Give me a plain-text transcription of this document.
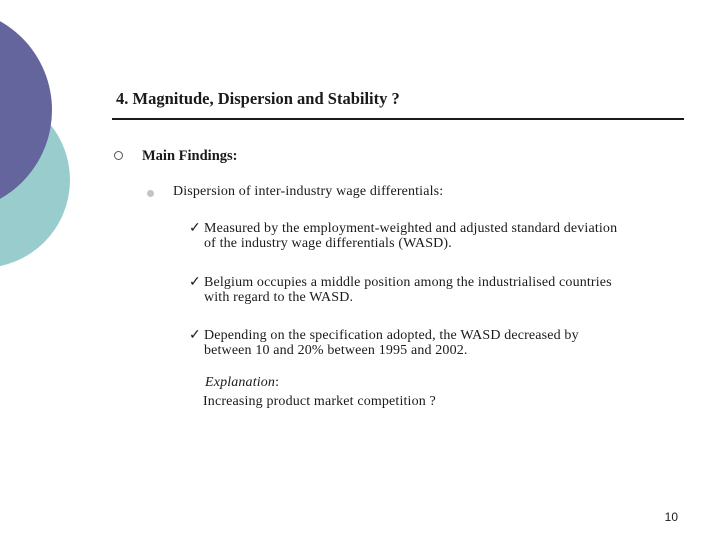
4. Magnitude, Dispersion and Stability ?
Main Findings:
Dispersion of inter-industry wage differentials:
✓ Measured by the employment-weighted and adjusted standard deviation
of the industry wage differentials (WASD).
✓ Belgium occupies a middle position among the industrialised countries
with regard to the WASD.
✓ Depending on the specification adopted, the WASD decreased by
between 10 and 20% between 1995 and 2002.
Explanation:
Increasing product market competition ?
10
